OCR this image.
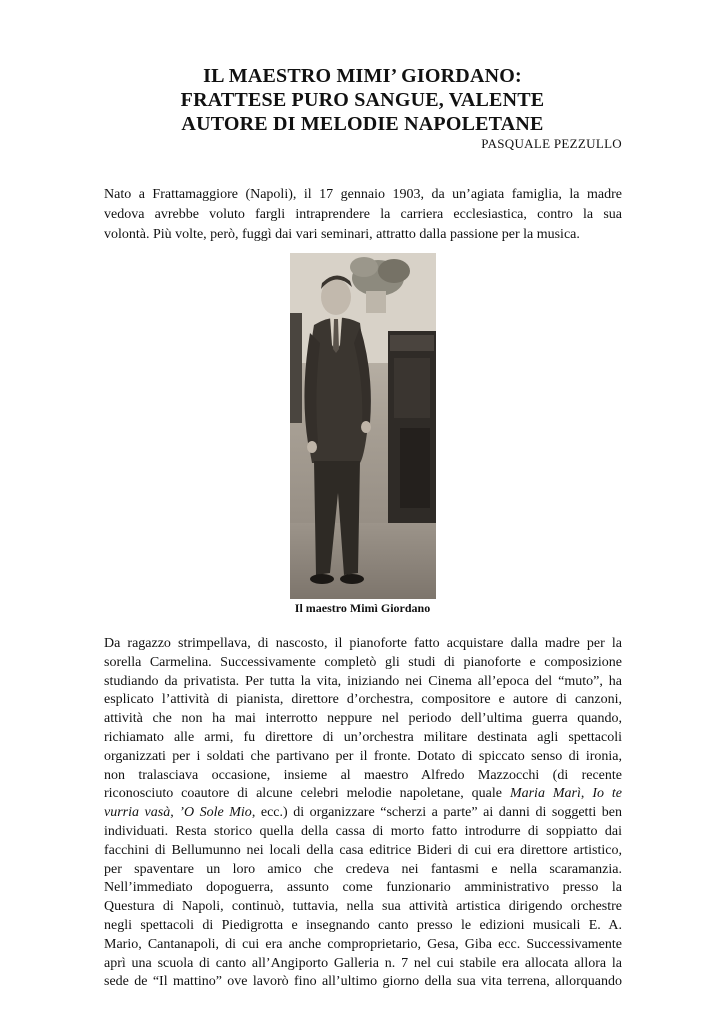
IL MAESTRO MIMI’ GIORDANO:
FRATTESE PURO SANGUE, VALENTE
AUTORE DI MELODIE NAPOLETANE
PASQUALE PEZZULLO
Nato a Frattamaggiore (Napoli), il 17 gennaio 1903, da un’agiata famiglia, la madre
vedova avrebbe voluto fargli intraprendere la carriera ecclesiastica, contro la sua
volontà. Più volte, però, fuggì dai vari seminari, attratto dalla passione per la musica.
Il maestro Mimì Giordano
Da ragazzo strimpellava, di nascosto, il pianoforte fatto acquistare dalla madre per la
sorella Carmelina. Successivamente completò gli studi di pianoforte e composizione
studiando da privatista. Per tutta la vita, iniziando nei Cinema all’epoca del “muto”, ha
esplicato l’attività di pianista, direttore d’orchestra, compositore e autore di canzoni,
attività che non ha mai interrotto neppure nel periodo dell’ultima guerra quando,
richiamato alle armi, fu direttore di un’orchestra militare destinata agli spettacoli
organizzati per i soldati che partivano per il fronte. Dotato di spiccato senso di ironia,
non tralasciava occasione, insieme al maestro Alfredo Mazzocchi (di recente
riconosciuto coautore di alcune celebri melodie napoletane, quale Maria Marì, Io te
vurria vasà, ’O Sole Mio, ecc.) di organizzare “scherzi a parte” ai danni di soggetti ben
individuati. Resta storico quella della cassa di morto fatto introdurre di soppiatto dai
facchini di Bellumunno nei locali della casa editrice Bideri di cui era direttore artistico,
per spaventare un loro amico che credeva nei fantasmi e nella scaramanzia.
Nell’immediato dopoguerra, assunto come funzionario amministrativo presso la
Questura di Napoli, continuò, tuttavia, nella sua attività artistica dirigendo orchestre
negli spettacoli di Piedigrotta e insegnando canto presso le edizioni musicali E. A.
Mario, Cantanapoli, di cui era anche comproprietario, Gesa, Giba ecc. Successivamente
aprì una scuola di canto all’Angiporto Galleria n. 7 nel cui stabile era allocata allora la
sede de “Il mattino” ove lavorò fino all’ultimo giorno della sua vita terrena, allorquando
